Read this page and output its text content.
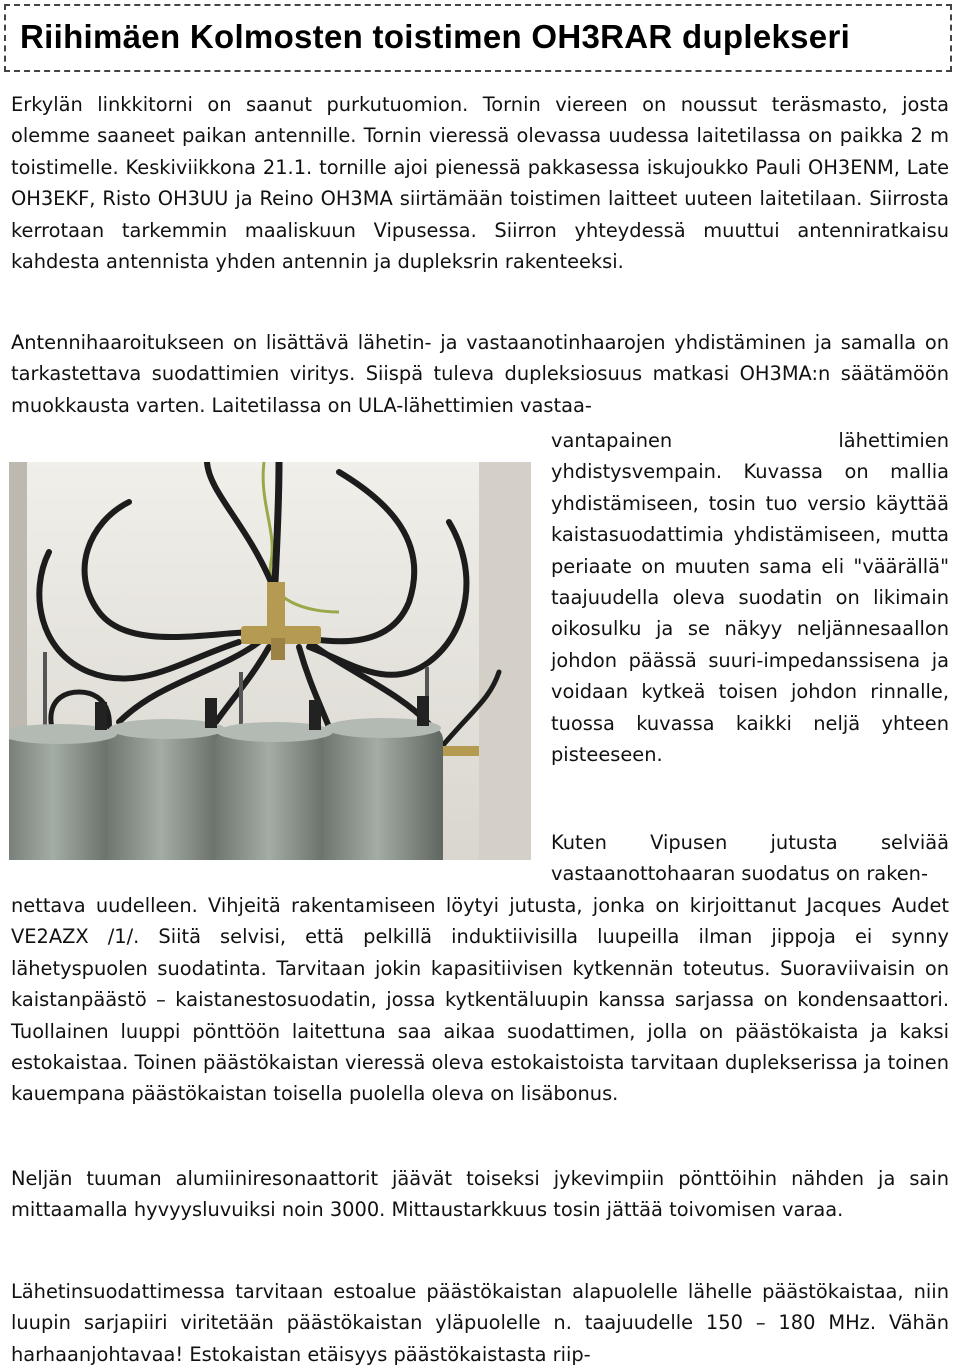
Riihimäen Kolmosten toistimen OH3RAR duplekseri

Erkylän linkkitorni on saanut purkutuomion. Tornin viereen on noussut teräsmasto, josta olemme saaneet paikan antennille. Tornin vieressä olevassa uudessa laitetilassa on paikka 2 m toistimelle. Keskiviikkona 21.1. tornille ajoi pienessä pakkasessa iskujoukko Pauli OH3ENM, Late OH3EKF, Risto OH3UU ja Reino OH3MA siirtämään toistimen laitteet uuteen laitetilaan. Siirrosta kerrotaan tarkemmin maaliskuun Vipusessa. Siirron yhteydessä muuttui antenniratkaisu kahdesta antennista yhden antennin ja dupleksrin rakenteeksi.

Antennihaaroitukseen on lisättävä lähetin- ja vastaanotinhaarojen yhdistäminen ja samalla on tarkastettava suodattimien viritys. Siispä tuleva dupleksiosuus matkasi OH3MA:n säätämöön muokkausta varten. Laitetilassa on ULA-lähettimien vastaa-

vantapainen lähettimien yhdistysvempain. Kuvassa on mallia yhdistämiseen, tosin tuo versio käyttää kaistasuodattimia yhdistämiseen, mutta periaate on muuten sama eli "väärällä" taajuudella oleva suodatin on likimain oikosulku ja se näkyy neljännesaallon johdon päässä suuri-impedanssisena ja voidaan kytkeä toisen johdon rinnalle, tuossa kuvassa kaikki neljä yhteen pisteeseen.

Kuten Vipusen jutusta selviää vastaanottohaaran suodatus on raken-

nettava uudelleen. Vihjeitä rakentamiseen löytyi jutusta, jonka on kirjoittanut Jacques Audet VE2AZX /1/. Siitä selvisi, että pelkillä induktiivisilla luupeilla ilman jippoja ei synny lähetyspuolen suodatinta. Tarvitaan jokin kapasitiivisen kytkennän toteutus. Suoraviivaisin on kaistanpäästö – kaistanestosuodatin, jossa kytkentäluupin kanssa sarjassa on kondensaattori. Tuollainen luuppi pönttöön laitettuna saa aikaa suodattimen, jolla on päästökaista ja kaksi estokaistaa. Toinen päästökaistan vieressä oleva estokaistoista tarvitaan duplekserissa ja toinen kauempana päästökaistan toisella puolella oleva on lisäbonus.

Neljän tuuman alumiiniresonaattorit jäävät toiseksi jykevimpiin pönttöihin nähden ja sain mittaamalla hyvyysluvuiksi noin 3000. Mittaustarkkuus tosin jättää toivomisen varaa.

Lähetinsuodattimessa tarvitaan estoalue päästökaistan alapuolelle lähelle päästökaistaa, niin luupin sarjapiiri viritetään päästökaistan yläpuolelle n. taajuudelle 150 – 180 MHz. Vähän harhaanjohtavaa! Estokaistan etäisyys päästökaistasta riip-
